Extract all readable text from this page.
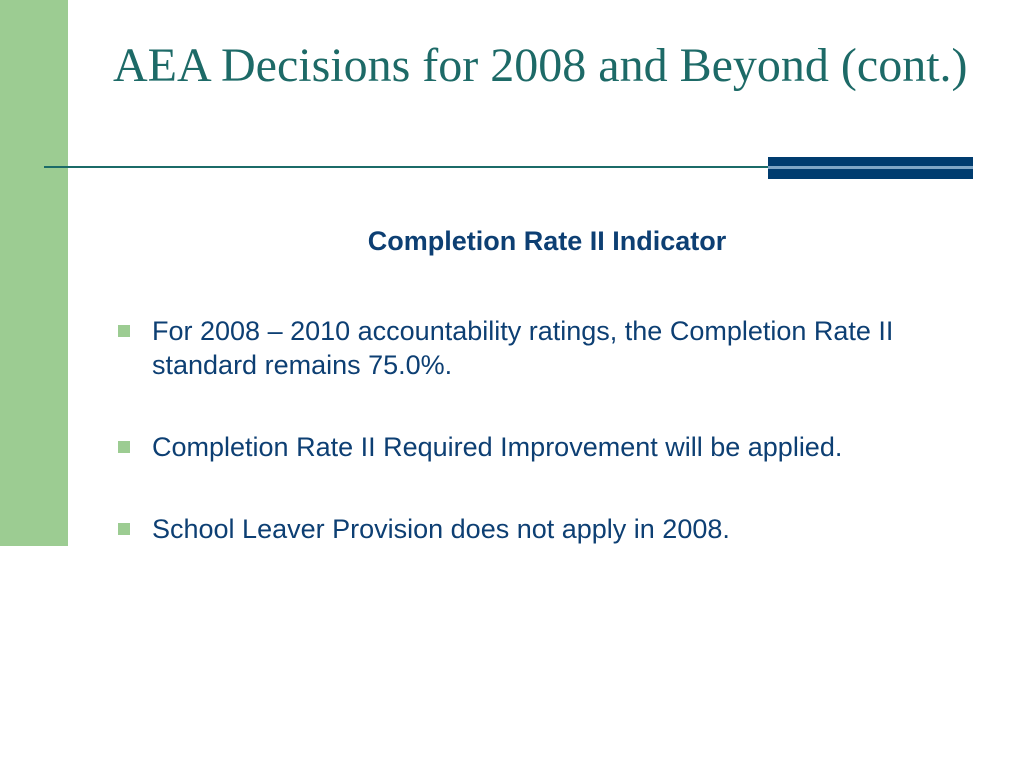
AEA Decisions for 2008 and Beyond (cont.)
Completion Rate II Indicator
For 2008 – 2010 accountability ratings, the Completion Rate II standard remains 75.0%.
Completion Rate II Required Improvement will be applied.
School Leaver Provision does not apply in 2008.
